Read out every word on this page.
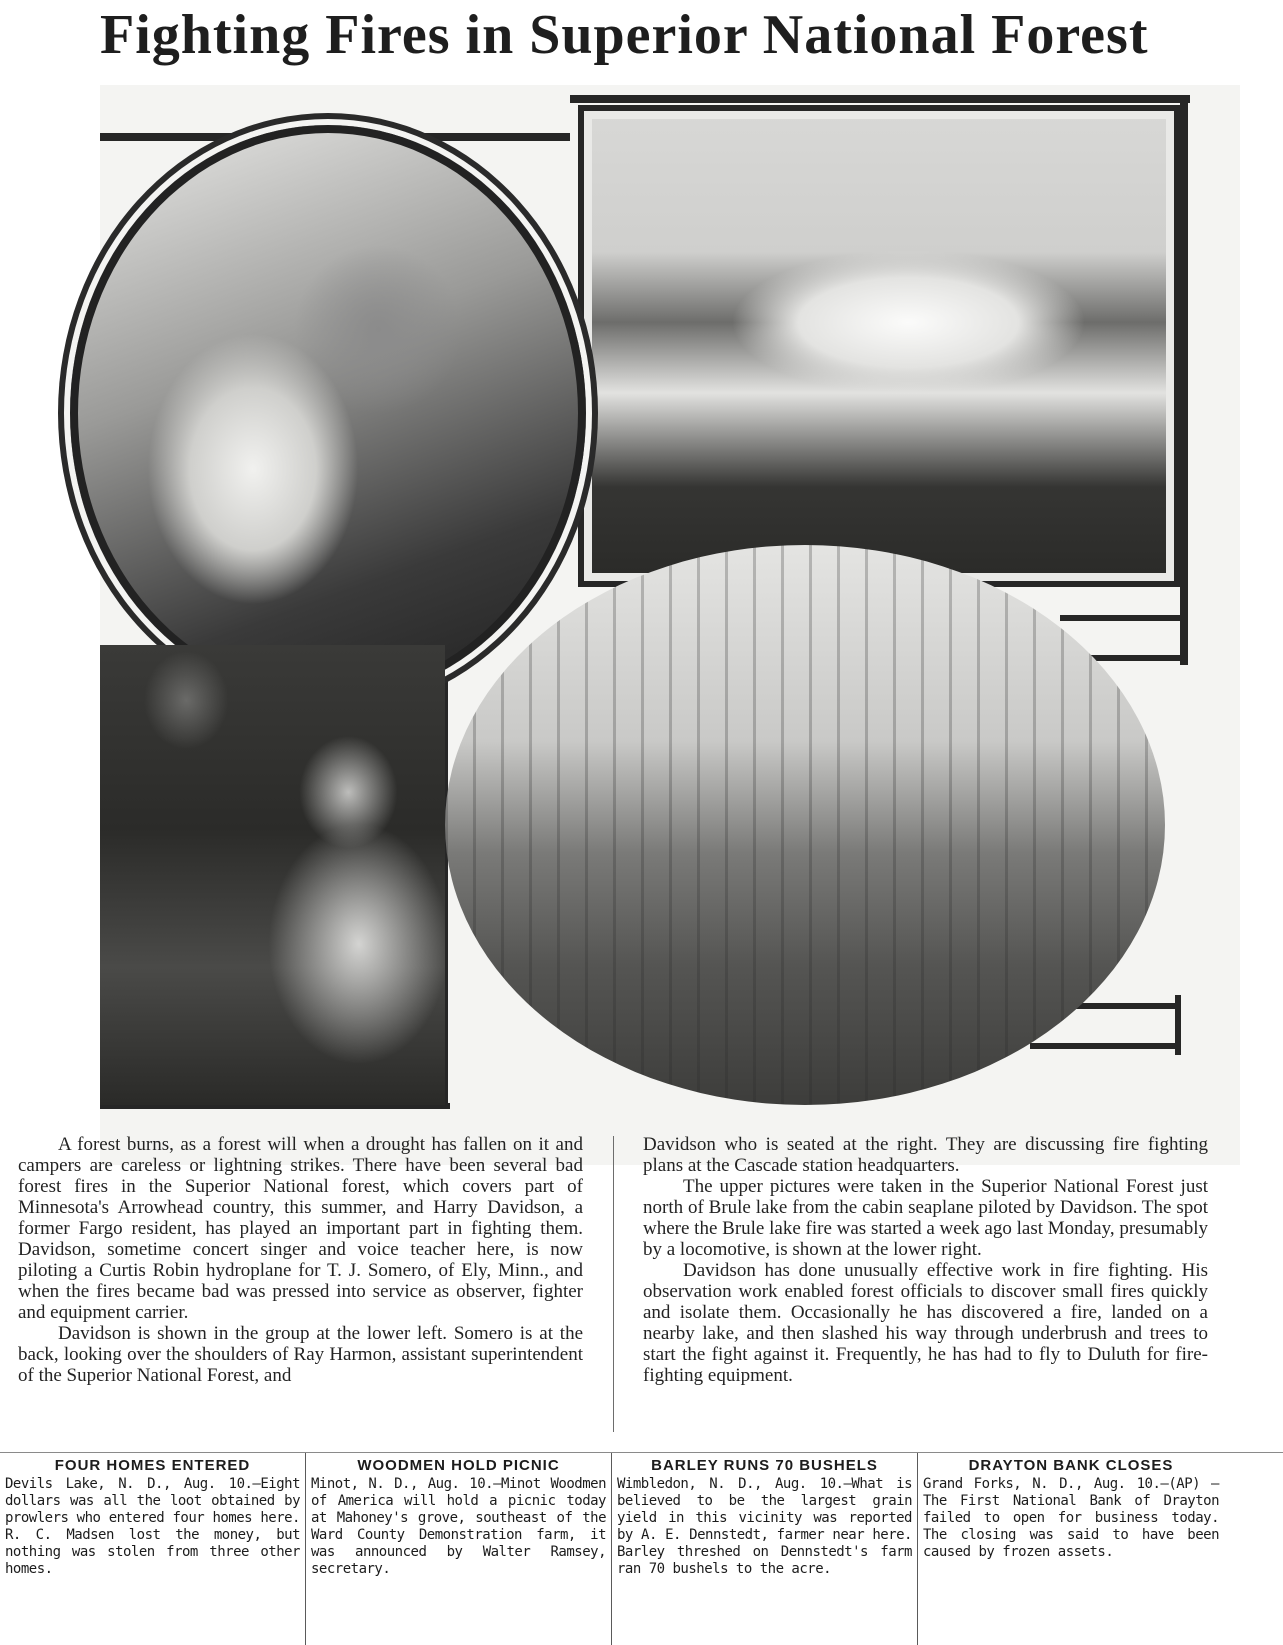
Fighting Fires in Superior National Forest

A forest burns, as a forest will when a drought has fallen on it and campers are careless or lightning strikes. There have been several bad forest fires in the Superior National forest, which covers part of Minnesota's Arrowhead country, this summer, and Harry Davidson, a former Fargo resident, has played an important part in fighting them. Davidson, sometime concert singer and voice teacher here, is now piloting a Curtis Robin hydroplane for T. J. Somero, of Ely, Minn., and when the fires became bad was pressed into service as observer, fighter and equipment carrier.

Davidson is shown in the group at the lower left. Somero is at the back, looking over the shoulders of Ray Harmon, assistant superintendent of the Superior National Forest, and

Davidson who is seated at the right. They are discussing fire fighting plans at the Cascade station headquarters.

The upper pictures were taken in the Superior National Forest just north of Brule lake from the cabin seaplane piloted by Davidson. The spot where the Brule lake fire was started a week ago last Monday, presumably by a locomotive, is shown at the lower right.

Davidson has done unusually effective work in fire fighting. His observation work enabled forest officials to discover small fires quickly and isolate them. Occasionally he has discovered a fire, landed on a nearby lake, and then slashed his way through underbrush and trees to start the fight against it. Frequently, he has had to fly to Duluth for fire-fighting equipment.

FOUR HOMES ENTERED

Devils Lake, N. D., Aug. 10.—Eight dollars was all the loot obtained by prowlers who entered four homes here. R. C. Madsen lost the money, but nothing was stolen from three other homes.

WOODMEN HOLD PICNIC

Minot, N. D., Aug. 10.—Minot Woodmen of America will hold a picnic today at Mahoney's grove, southeast of the Ward County Demonstration farm, it was announced by Walter Ramsey, secretary.

BARLEY RUNS 70 BUSHELS

Wimbledon, N. D., Aug. 10.—What is believed to be the largest grain yield in this vicinity was reported by A. E. Dennstedt, farmer near here. Barley threshed on Dennstedt's farm ran 70 bushels to the acre.

DRAYTON BANK CLOSES

Grand Forks, N. D., Aug. 10.—(AP) —The First National Bank of Drayton failed to open for business today. The closing was said to have been caused by frozen assets.
